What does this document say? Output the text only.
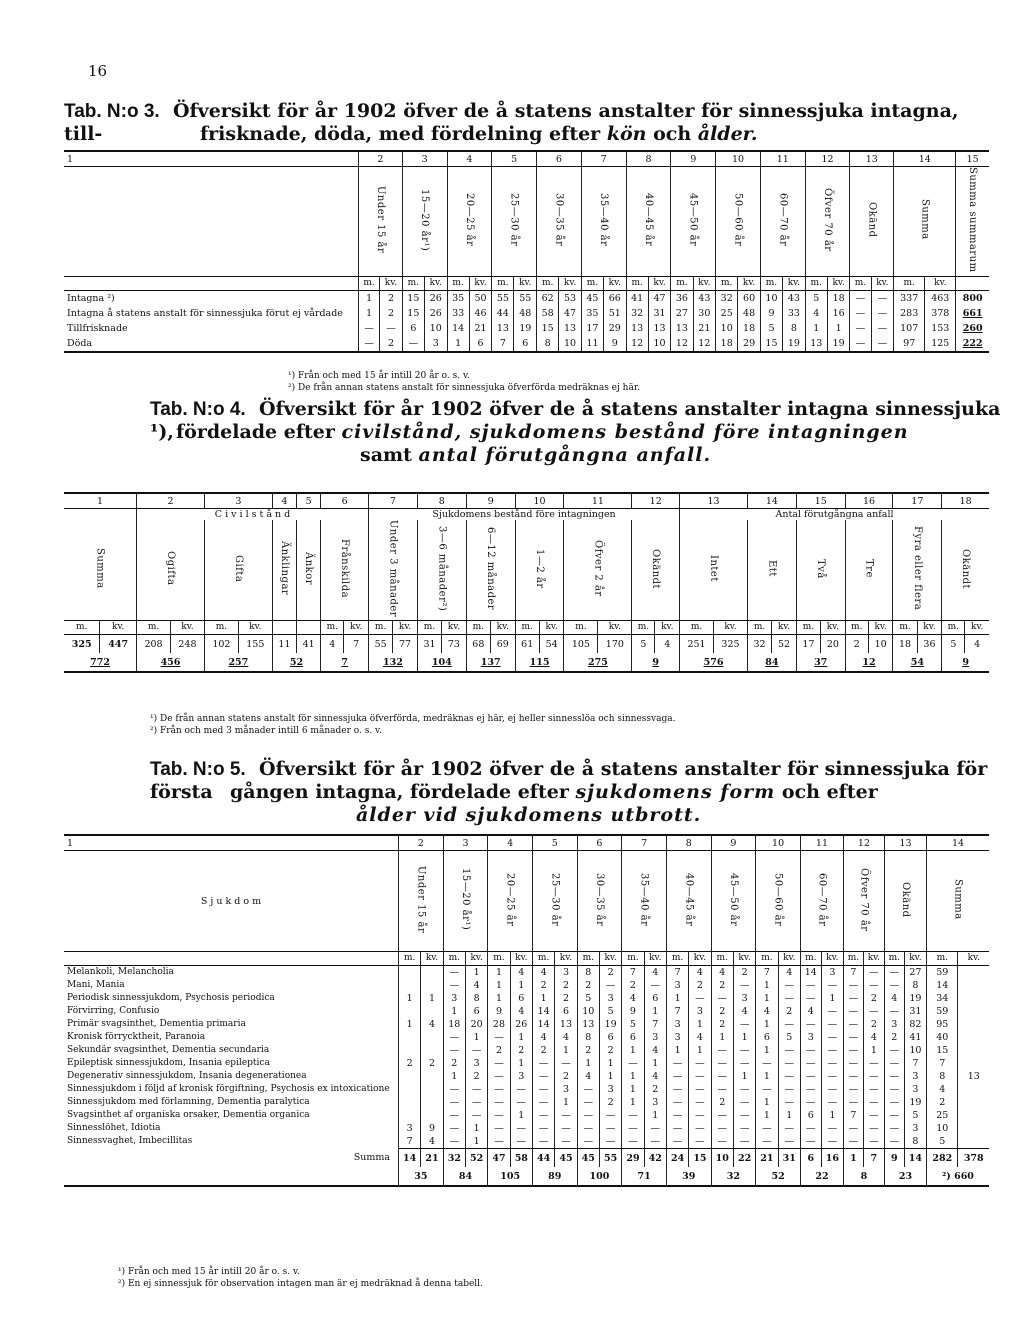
16
Tab. N:o 3. Öfversikt för år 1902 öfver de å statens anstalter för sinnessjuka intagna, till-	frisknade, döda, med fördelning efter kön och ålder.
1	2		3		4		5		6		7		8		9		10		11		12		13		14		15
	Under 15 år		15—20 år¹)		20—25 år		25—30 år		30—35 år		35—40 år		40—45 år		45—50 år		50—60 år		60—70 år		Öfver 70 år		Okänd		Summa		Summa summarum
	m.	kv.	m.	kv.	m.	kv.	m.	kv.	m.	kv.	m.	kv.	m.	kv.	m.	kv.	m.	kv.	m.	kv.	m.	kv.	m.	kv.	m.	kv.	
Intagna ²)	1	2	15	26	35	50	55	55	62	53	45	66	41	47	36	43	32	60	10	43	5	18	—	—	337	463	800
Intagna å statens anstalt för sinnessjuka förut ej vårdade	1	2	15	26	33	46	44	48	58	47	35	51	32	31	27	30	25	48	9	33	4	16	—	—	283	378	661
Tillfrisknade	—	—	6	10	14	21	13	19	15	13	17	29	13	13	13	21	10	18	5	8	1	1	—	—	107	153	260
Döda	—	2	—	3	1	6	7	6	8	10	11	9	12	10	12	12	18	29	15	19	13	19	—	—	97	125	222
¹) Från och med 15 år intill 20 år o. s. v.
²) De från annan statens anstalt för sinnessjuka öfverförda medräknas ej här.
Tab. N:o 4. Öfversikt för år 1902 öfver de å statens anstalter intagna sinnessjuka ¹), fördelade efter civilstånd, sjukdomens bestånd före intagningen
samt antal förutgångna anfall.
1		2		3		4	5	6		7		8		9		10		11		12		13		14		15		16		17		18	
		C i v i l s t å n d								Sjukdomens bestånd före intagningen												Antal förutgångna anfall											
Summa		Ogifta		Gifta		Änklingar	Änkor	Frånskilda		Under 3 månader		3—6 månader²)		6—12 månader		1—2 år		Öfver 2 år		Okändt		Intet		Ett		Två		Tre		Fyra eller flera		Okändt	
m.	kv.	m.	kv.	m.	kv.			m.	kv.	m.	kv.	m.	kv.	m.	kv.	m.	kv.	m.	kv.	m.	kv.	m.	kv.	m.	kv.	m.	kv.	m.	kv.	m.	kv.	m.	kv.
325	447	208	248	102	155	11	41	4	7	55	77	31	73	68	69	61	54	105	170	5	4	251	325	32	52	17	20	2	10	18	36	5	4
772		456		257		52		7		132		104		137		115		275		9		576		84		37		12		54		9	
¹) De från annan statens anstalt för sinnessjuka öfverförda, medräknas ej här, ej heller sinnesslöa och sinnessvaga.
²) Från och med 3 månader intill 6 månader o. s. v.
Tab. N:o 5. Öfversikt för år 1902 öfver de å statens anstalter för sinnessjuka för första gången intagna, fördelade efter sjukdomens form och efter
ålder vid sjukdomens utbrott.
1	2		3		4		5		6		7		8		9		10		11		12		13		14	
S j u k d o m	Under 15 år		15—20 år¹)		20—25 år		25—30 år		30—35 år		35—40 år		40—45 år		45—50 år		50—60 år		60—70 år		Öfver 70 år		Okänd		Summa	
	m.	kv.	m.	kv.	m.	kv.	m.	kv.	m.	kv.	m.	kv.	m.	kv.	m.	kv.	m.	kv.	m.	kv.	m.	kv.	m.	kv.	m.	kv.
Melankoli, Melancholia			—	1	1	4	4	3	8	2	7	4	7	4	4	2	7	4	14	3	7	—	—	27	59	
Mani, Mania			—	4	1	1	2	2	2	—	2	—	3	2	2	—	1	—	—	—	—	—	—	8	14	
Periodisk sinnessjukdom, Psychosis periodica	1	1	3	8	1	6	1	2	5	3	4	6	1	—	—	3	1	—	—	1	—	2	4	19	34	
Förvirring, Confusio			1	6	9	4	14	6	10	5	9	1	7	3	2	4	4	2	4	—	—	—	—	31	59	
Primär svagsinthet, Dementia primaria	1	4	18	20	28	26	14	13	13	19	5	7	3	1	2	—	1	—	—	—	—	2	3	82	95	
Kronisk förrycktheit, Paranoia			—	1	—	1	4	4	8	6	6	3	3	4	1	1	6	5	3	—	—	4	2	41	40	
Sekundär svagsinthet, Dementia secundaria			—	—	2	2	2	1	2	2	1	4	1	1	—	—	1	—	—	—	—	1	—	10	15	
Epileptisk sinnessjukdom, Insania epileptica	2	2	2	3	—	1	—	—	1	1	—	1	—	—	—	—	—	—	—	—	—	—	—	7	7	
Degenerativ sinnessjukdom, Insania degenerationea			1	2	—	3	—	2	4	1	1	4	—	—	—	1	1	—	—	—	—	—	—	3	8	13
Sinnessjukdom i följd af kronisk förgiftning, Psychosis ex intoxicatione			—	—	—	—	—	3	—	3	1	2	—	—	—	—	—	—	—	—	—	—	—	3	4	
Sinnessjukdom med förlamning, Dementia paralytica			—	—	—	—	—	1	—	2	1	3	—	—	2	—	1	—	—	—	—	—	—	19	2	
Svagsinthet af organiska orsaker, Dementia organica			—	—	—	1	—	—	—	—	—	1	—	—	—	—	1	1	6	1	7	—	—	5	25	
Sinnesslöhet, Idiotia	3	9	—	1	—	—	—	—	—	—	—	—	—	—	—	—	—	—	—	—	—	—	—	3	10	
Sinnessvaghet, Imbecillitas	7	4	—	1	—	—	—	—	—	—	—	—	—	—	—	—	—	—	—	—	—	—	—	8	5	
Summa	14	21	32	52	47	58	44	45	45	55	29	42	24	15	10	22	21	31	6	16	1	7	9	14	282	378
	35		84		105		89		100		71		39		32		52		22		8		23		²) 660	
¹) Från och med 15 år intill 20 år o. s. v.
²) En ej sinnessjuk för observation intagen man är ej medräknad å denna tabell.
